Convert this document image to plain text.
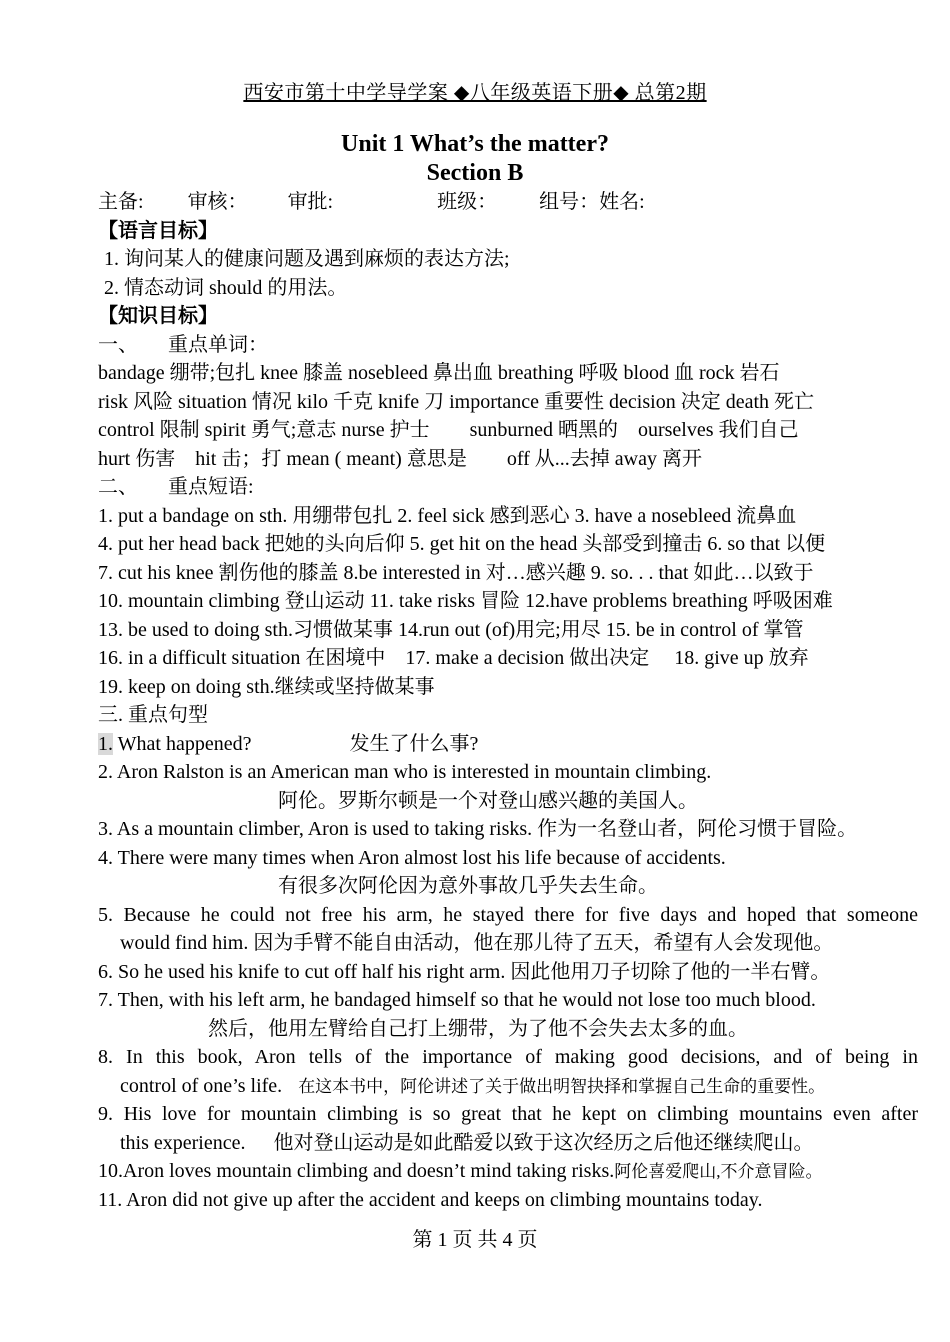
西安市第十中学导学案 ◆八年级英语下册◆ 总第2期
Unit 1 What’s the matter?
Section B
主备: 审核： 审批:	班级： 组号：姓名:
【语言目标】
1. 询问某人的健康问题及遇到麻烦的表达方法;
2. 情态动词 should 的用法。
【知识目标】
一、　　重点单词：
bandage 绷带;包扎 knee 膝盖 nosebleed 鼻出血 breathing 呼吸 blood 血 rock 岩石
risk 风险 situation 情况 kilo 千克 knife 刀 importance 重要性 decision 决定 death 死亡
control 限制 spirit 勇气;意志 nurse 护士　　sunburned 晒黑的　ourselves 我们自己
hurt 伤害　hit 击；打 mean ( meant) 意思是　　off 从...去掉 away 离开
二、　　重点短语:
1. put a bandage on sth. 用绷带包扎 2. feel sick 感到恶心 3. have a nosebleed 流鼻血
4. put her head back 把她的头向后仰 5. get hit on the head 头部受到撞击 6. so that 以便
7. cut his knee 割伤他的膝盖 8.be interested in 对…感兴趣 9. so. . . that 如此…以致于
10. mountain climbing 登山运动 11. take risks 冒险 12.have problems breathing 呼吸困难
13. be used to doing sth.习惯做某事 14.run out (of)用完;用尽 15. be in control of 掌管
16. in a difficult situation 在困境中　17. make a decision 做出决定　 18. give up 放弃
19. keep on doing sth.继续或坚持做某事
三. 重点句型
1. What happened?	发生了什么事?
2. Aron Ralston is an American man who is interested in mountain climbing.
阿伦。罗斯尔顿是一个对登山感兴趣的美国人。
3. As a mountain climber, Aron is used to taking risks. 作为一名登山者，阿伦习惯于冒险。
4. There were many times when Aron almost lost his life because of accidents.
有很多次阿伦因为意外事故几乎失去生命。
5. Because he could not free his arm, he stayed there for five days and hoped that someone
would find him. 因为手臂不能自由活动，他在那儿待了五天，希望有人会发现他。
6. So he used his knife to cut off half his right arm. 因此他用刀子切除了他的一半右臂。
7. Then, with his left arm, he bandaged himself so that he would not lose too much blood.
然后，他用左臂给自己打上绷带，为了他不会失去太多的血。
8. In this book, Aron tells of the importance of making good decisions, and of being in
control of one’s life. 在这本书中，阿伦讲述了关于做出明智抉择和掌握自己生命的重要性。
9. His love for mountain climbing is so great that he kept on climbing mountains even after
this experience. 他对登山运动是如此酷爱以致于这次经历之后他还继续爬山。
10.Aron loves mountain climbing and doesn’t mind taking risks.阿伦喜爱爬山,不介意冒险。
11. Aron did not give up after the accident and keeps on climbing mountains today.
第 1 页 共 4 页
